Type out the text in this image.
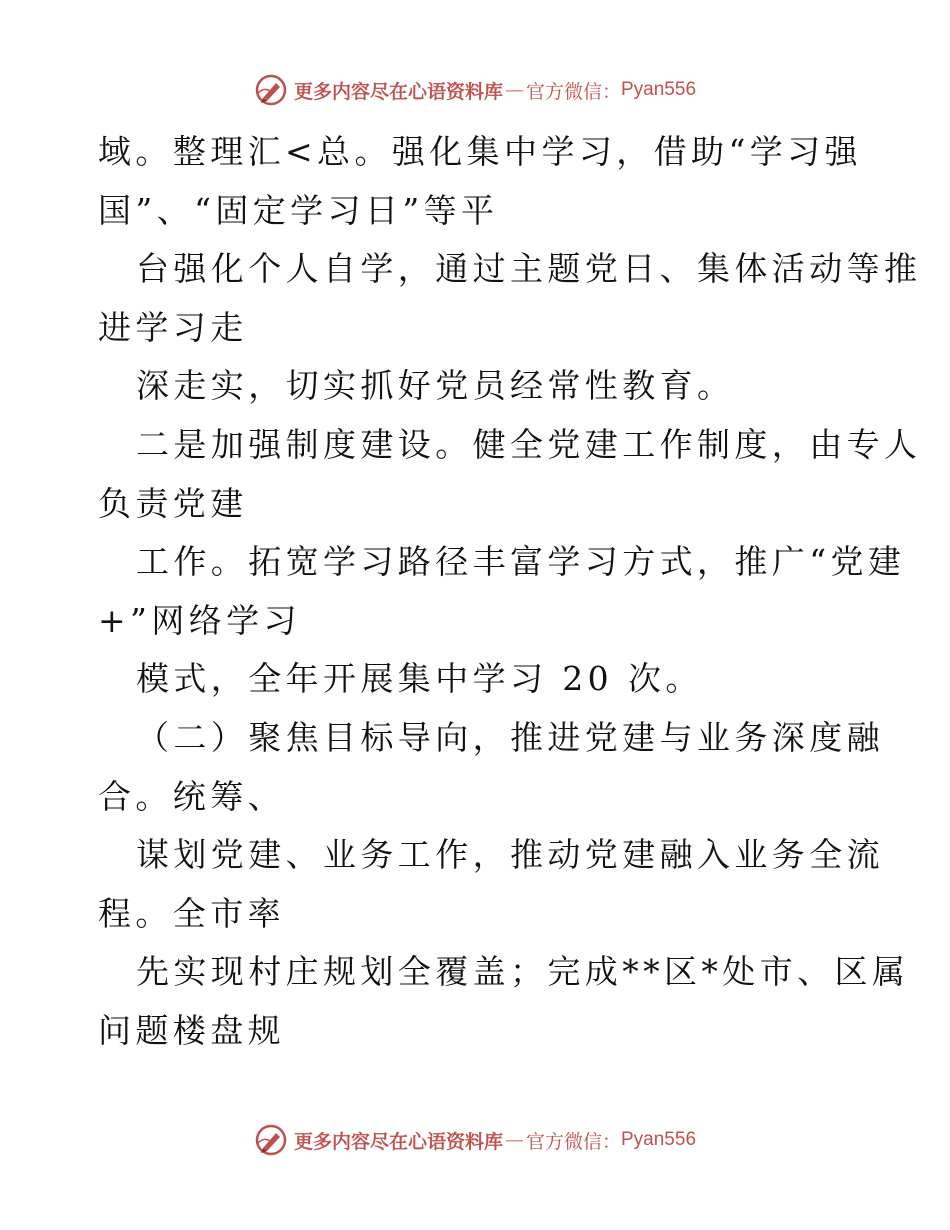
更多内容尽在心语资料库 — 官方微信： Pyan556
域。整理汇<总。强化集中学习，借助“学习强
国”、“固定学习日”等平
台强化个人自学，通过主题党日、集体活动等推
进学习走
深走实，切实抓好党员经常性教育。
二是加强制度建设。健全党建工作制度，由专人
负责党建
工作。拓宽学习路径丰富学习方式，推广“党建
+”网络学习
模式，全年开展集中学习 20 次。
（二）聚焦目标导向，推进党建与业务深度融
合。统筹、
谋划党建、业务工作，推动党建融入业务全流
程。全市率
先实现村庄规划全覆盖；完成**区*处市、区属
问题楼盘规
更多内容尽在心语资料库 — 官方微信： Pyan556
